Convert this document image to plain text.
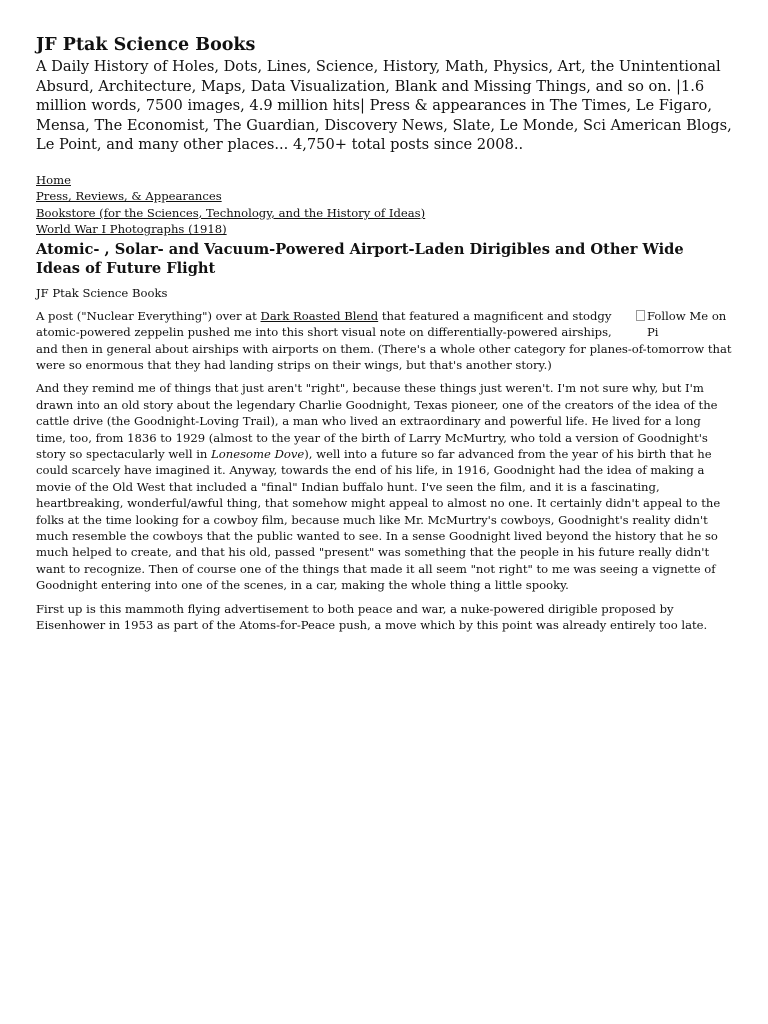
JF Ptak Science Books

A Daily History of Holes, Dots, Lines, Science, History, Math, Physics, Art, the Unintentional Absurd, Architecture, Maps, Data Visualization, Blank and Missing Things, and so on. |1.6 million words, 7500 images, 4.9 million hits| Press & appearances in The Times, Le Figaro, Mensa, The Economist, The Guardian, Discovery News, Slate, Le Monde, Sci American Blogs, Le Point, and many other places... 4,750+ total posts since 2008..

Home
Press, Reviews, & Appearances
Bookstore (for the Sciences, Technology, and the History of Ideas)
World War I Photographs (1918)
Atomic- , Solar- and Vacuum-Powered Airport-Laden Dirigibles and Other Wide Ideas of Future Flight

JF Ptak Science Books

Follow Me on Pi
A post ("Nuclear Everything") over at Dark Roasted Blend that featured a magnificent and stodgy atomic-powered zeppelin pushed me into this short visual note on differentially-powered airships, and then in general about airships with airports on them. (There's a whole other category for planes-of-tomorrow that were so enormous that they had landing strips on their wings, but that's another story.)

And they remind me of things that just aren't "right", because these things just weren't. I'm not sure why, but I'm drawn into an old story about the legendary Charlie Goodnight, Texas pioneer, one of the creators of the idea of the cattle drive (the Goodnight-Loving Trail), a man who lived an extraordinary and powerful life. He lived for a long time, too, from 1836 to 1929 (almost to the year of the birth of Larry McMurtry, who told a version of Goodnight's story so spectacularly well in Lonesome Dove), well into a future so far advanced from the year of his birth that he could scarcely have imagined it. Anyway, towards the end of his life, in 1916, Goodnight had the idea of making a movie of the Old West that included a "final" Indian buffalo hunt. I've seen the film, and it is a fascinating, heartbreaking, wonderful/awful thing, that somehow might appeal to almost no one. It certainly didn't appeal to the folks at the time looking for a cowboy film, because much like Mr. McMurtry's cowboys, Goodnight's reality didn't much resemble the cowboys that the public wanted to see. In a sense Goodnight lived beyond the history that he so much helped to create, and that his old, passed "present" was something that the people in his future really didn't want to recognize. Then of course one of the things that made it all seem "not right" to me was seeing a vignette of Goodnight entering into one of the scenes, in a car, making the whole thing a little spooky.

First up is this mammoth flying advertisement to both peace and war, a nuke-powered dirigible proposed by Eisenhower in 1953 as part of the Atoms-for-Peace push, a move which by this point was already entirely too late.
